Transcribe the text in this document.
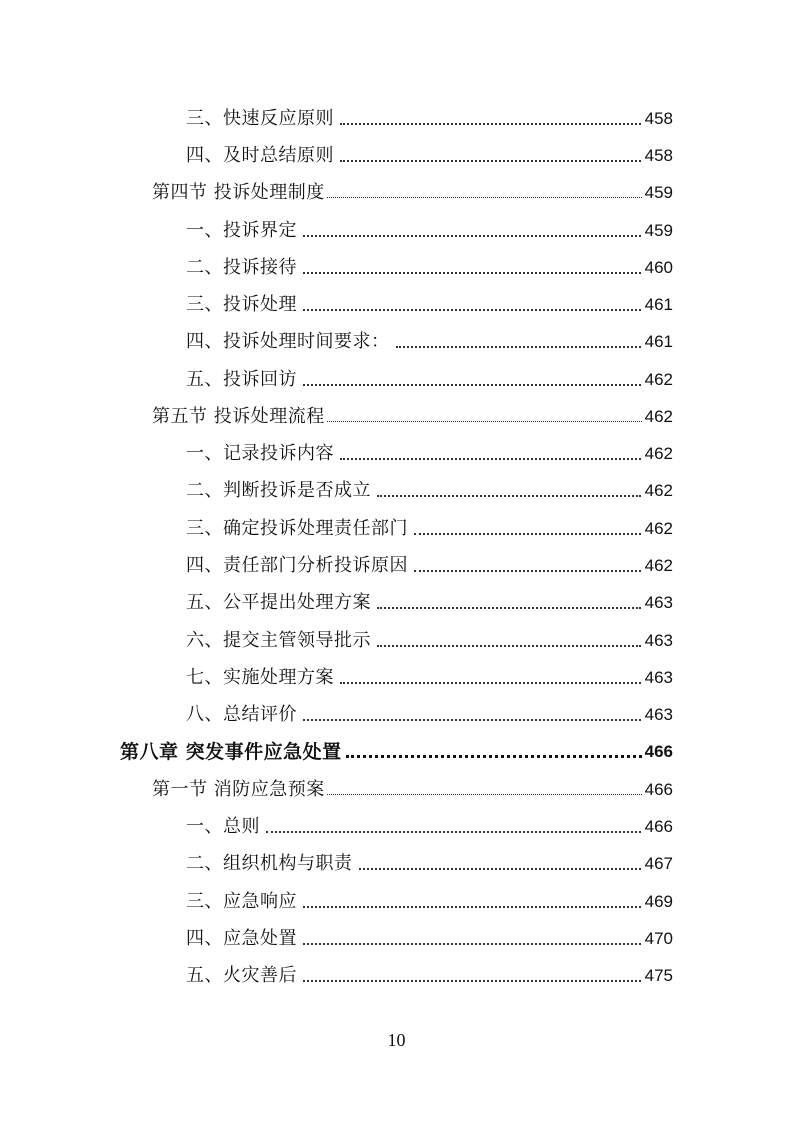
三、快速反应原则	458
四、及时总结原则	458
第四节 投诉处理制度	459
一、投诉界定	459
二、投诉接待	460
三、投诉处理	461
四、投诉处理时间要求：	461
五、投诉回访	462
第五节 投诉处理流程	462
一、记录投诉内容	462
二、判断投诉是否成立	462
三、确定投诉处理责任部门	462
四、责任部门分析投诉原因	462
五、公平提出处理方案	463
六、提交主管领导批示	463
七、实施处理方案	463
八、总结评价	463
第八章 突发事件应急处置	466
第一节 消防应急预案	466
一、总则	466
二、组织机构与职责	467
三、应急响应	469
四、应急处置	470
五、火灾善后	475
10
